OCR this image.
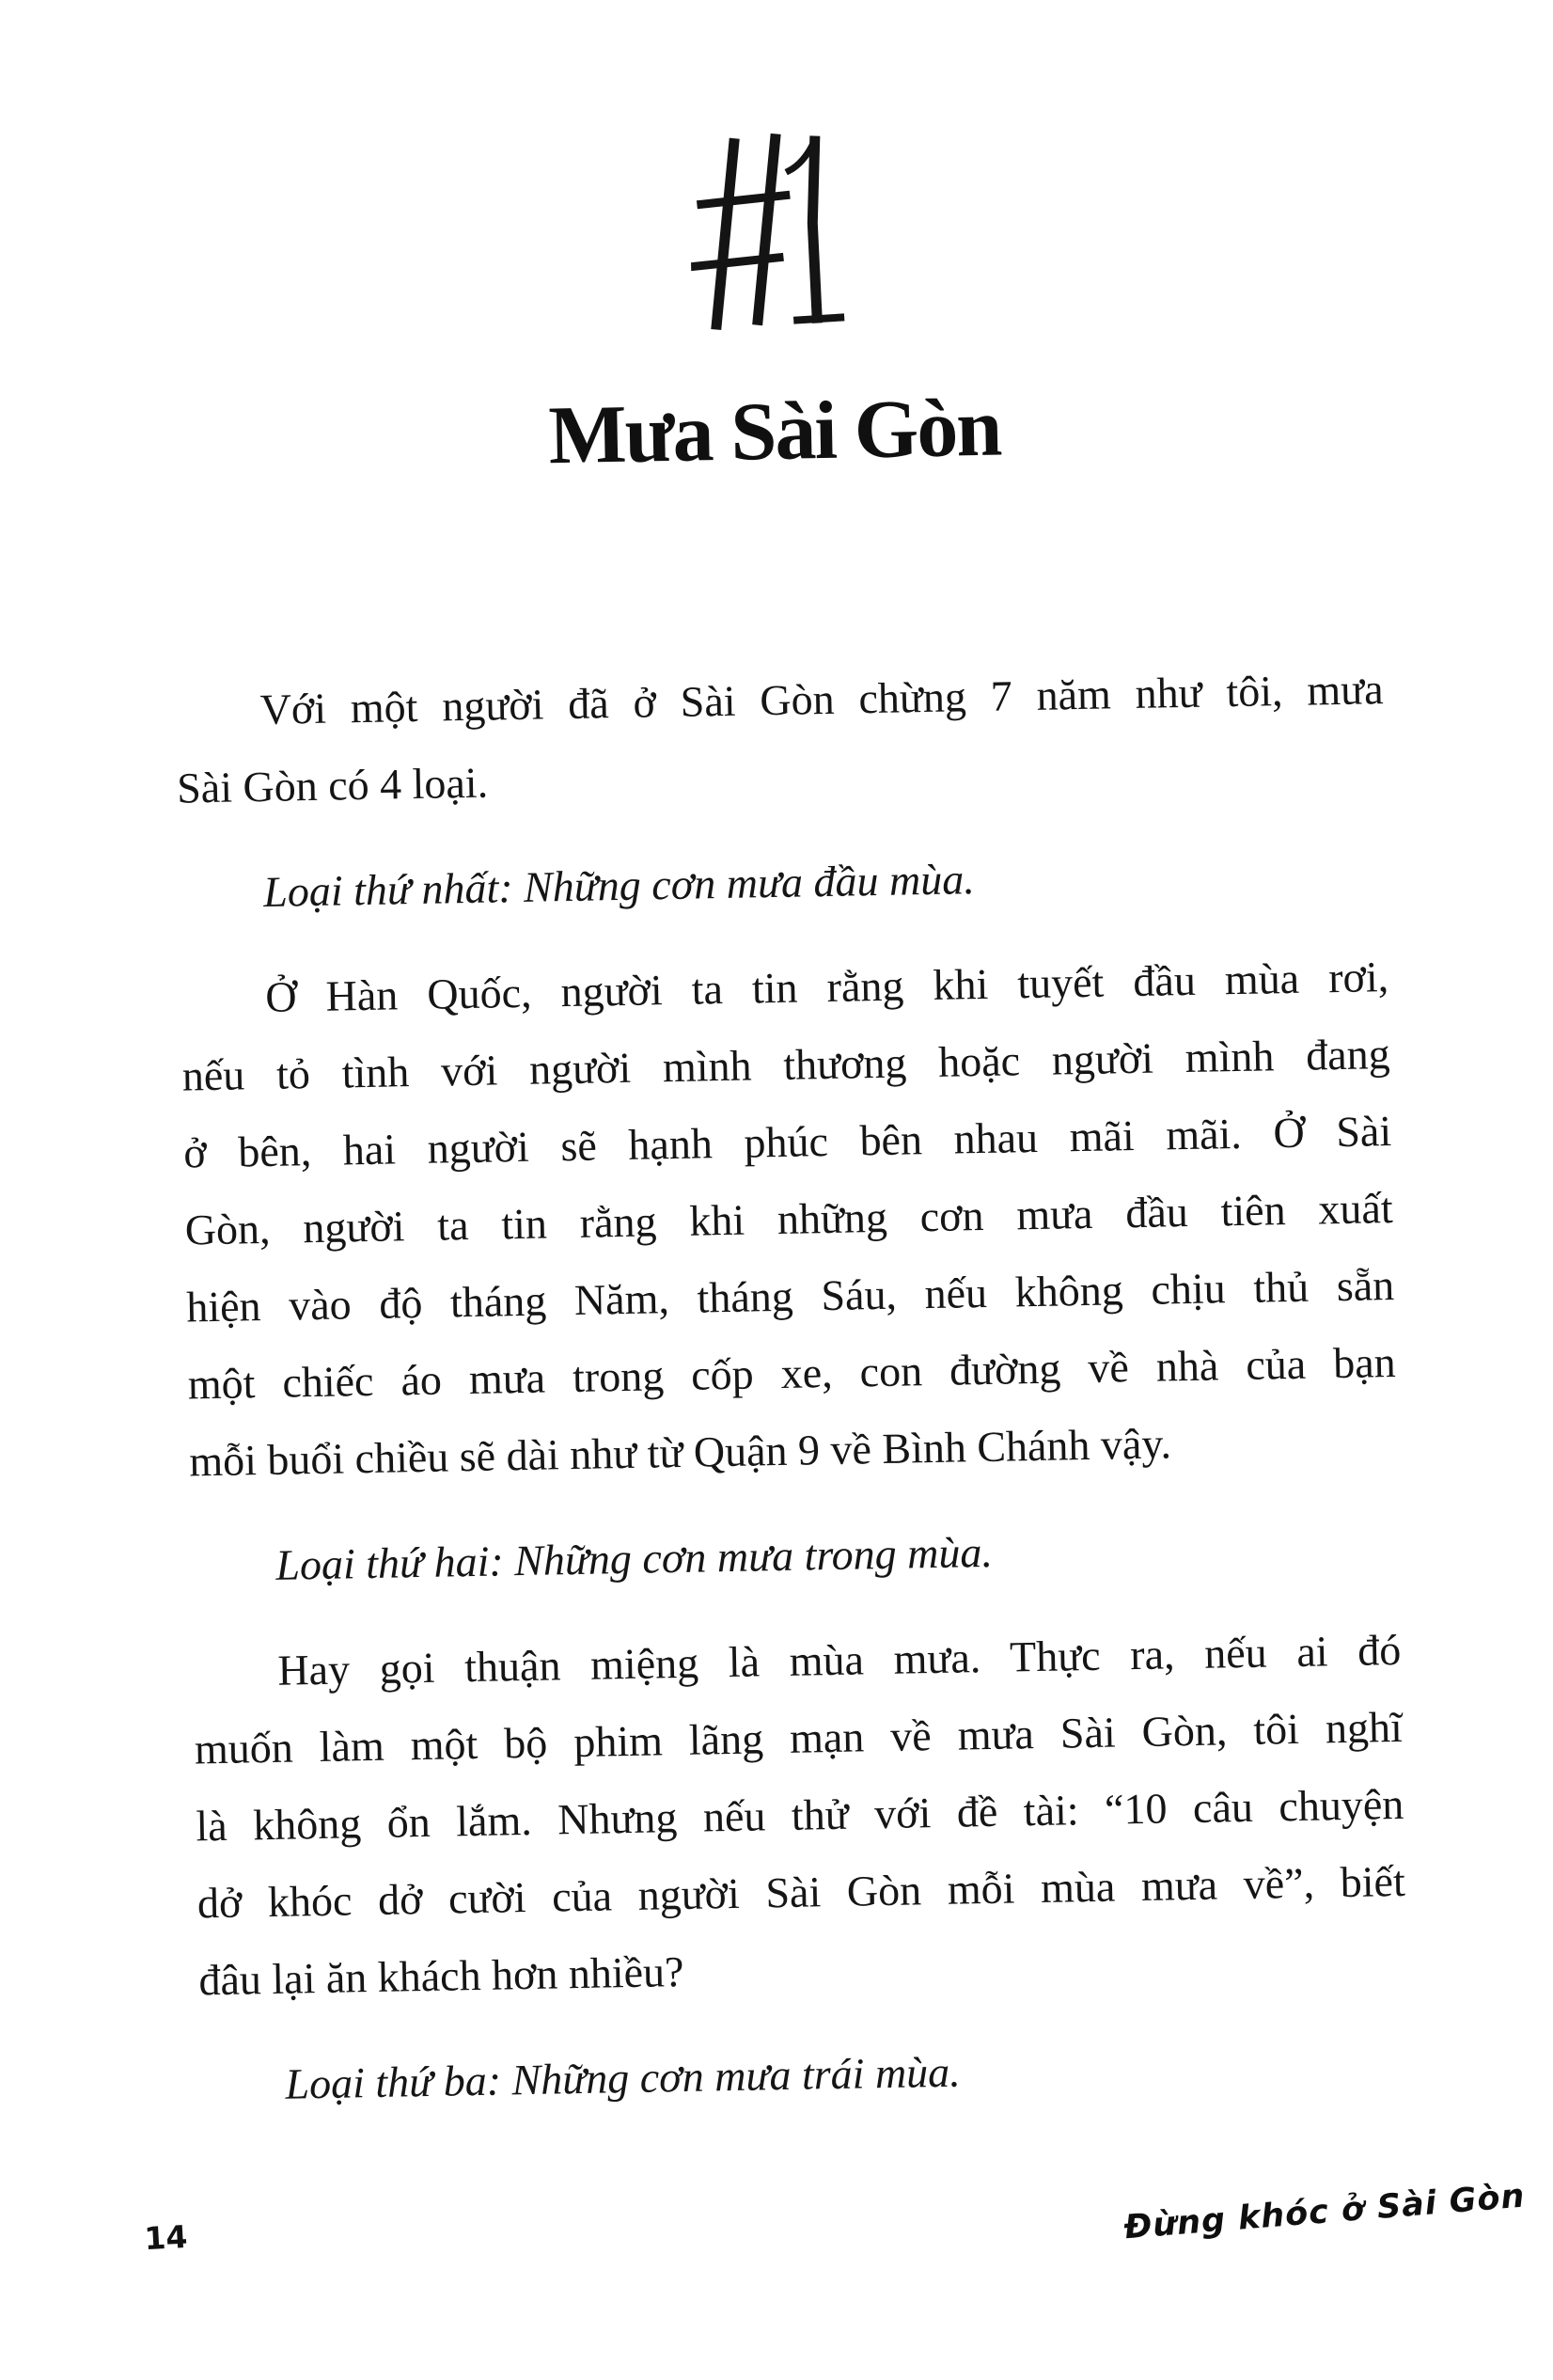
Mưa Sài Gòn
Với một người đã ở Sài Gòn chừng 7 năm như tôi, mưa
Sài Gòn có 4 loại.
Loại thứ nhất: Những cơn mưa đầu mùa.
Ở Hàn Quốc, người ta tin rằng khi tuyết đầu mùa rơi,
nếu tỏ tình với người mình thương hoặc người mình đang
ở bên, hai người sẽ hạnh phúc bên nhau mãi mãi. Ở Sài
Gòn, người ta tin rằng khi những cơn mưa đầu tiên xuất
hiện vào độ tháng Năm, tháng Sáu, nếu không chịu thủ sẵn
một chiếc áo mưa trong cốp xe, con đường về nhà của bạn
mỗi buổi chiều sẽ dài như từ Quận 9 về Bình Chánh vậy.
Loại thứ hai: Những cơn mưa trong mùa.
Hay gọi thuận miệng là mùa mưa. Thực ra, nếu ai đó
muốn làm một bộ phim lãng mạn về mưa Sài Gòn, tôi nghĩ
là không ổn lắm. Nhưng nếu thử với đề tài: “10 câu chuyện
dở khóc dở cười của người Sài Gòn mỗi mùa mưa về”, biết
đâu lại ăn khách hơn nhiều?
Loại thứ ba: Những cơn mưa trái mùa.
14	Đừng khóc ở Sài Gòn
